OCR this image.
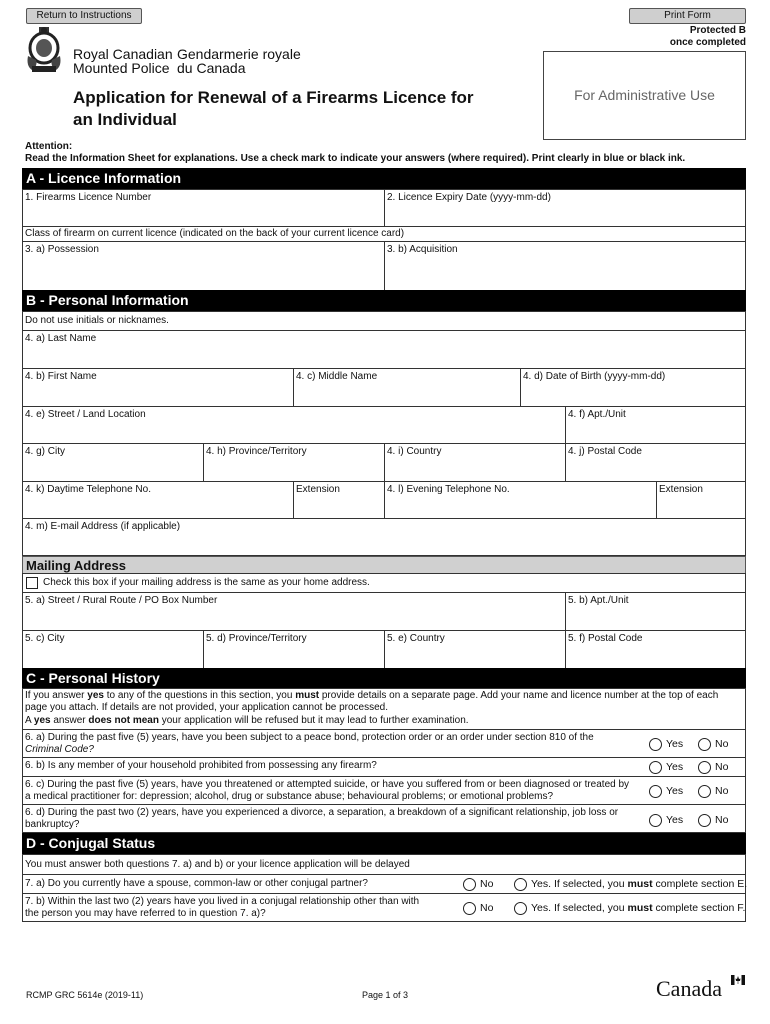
Return to Instructions	Print Form
Protected B
once completed
Royal Canadian
Mounted Police
Gendarmerie royale
du Canada
Application for Renewal of a Firearms Licence for
an Individual
For Administrative Use
Attention:
Read the Information Sheet for explanations. Use a check mark to indicate your answers (where required). Print clearly in blue or black ink.
A - Licence Information
1. Firearms Licence Number	2. Licence Expiry Date (yyyy-mm-dd)
Class of firearm on current licence (indicated on the back of your current licence card)
3. a) Possession	3. b) Acquisition
B - Personal Information
Do not use initials or nicknames.
4. a) Last Name
4. b) First Name	4. c) Middle Name	4. d) Date of Birth (yyyy-mm-dd)
4. e) Street / Land Location	4. f) Apt./Unit
4. g) City	4. h) Province/Territory	4. i) Country	4. j) Postal Code
4. k) Daytime Telephone No.	Extension	4. l) Evening Telephone No.	Extension
4. m) E-mail Address (if applicable)
Mailing Address
Check this box if your mailing address is the same as your home address.
5. a) Street / Rural Route / PO Box Number	5. b) Apt./Unit
5. c) City	5. d) Province/Territory	5. e) Country	5. f) Postal Code
C - Personal History
If you answer yes to any of the questions in this section, you must provide details on a separate page. Add your name and licence number at the top of each
page you attach. If details are not provided, your application cannot be processed.
A yes answer does not mean your application will be refused but it may lead to further examination.
6. a) During the past five (5) years, have you been subject to a peace bond, protection order or an order under section 810 of the
Criminal Code?	Yes	No
6. b) Is any member of your household prohibited from possessing any firearm?	Yes	No
6. c) During the past five (5) years, have you threatened or attempted suicide, or have you suffered from or been diagnosed or treated by
a medical practitioner for: depression; alcohol, drug or substance abuse; behavioural problems; or emotional problems?	Yes	No
6. d) During the past two (2) years, have you experienced a divorce, a separation, a breakdown of a significant relationship, job loss or
bankruptcy?	Yes	No
D - Conjugal Status
You must answer both questions 7. a) and b) or your licence application will be delayed
7. a) Do you currently have a spouse, common-law or other conjugal partner?	No	Yes. If selected, you must complete section E.
7. b) Within the last two (2) years have you lived in a conjugal relationship other than with
the person you may have referred to in question 7. a)?	No	Yes. If selected, you must complete section F.
RCMP GRC 5614e (2019-11)	Page 1 of 3	Canada
